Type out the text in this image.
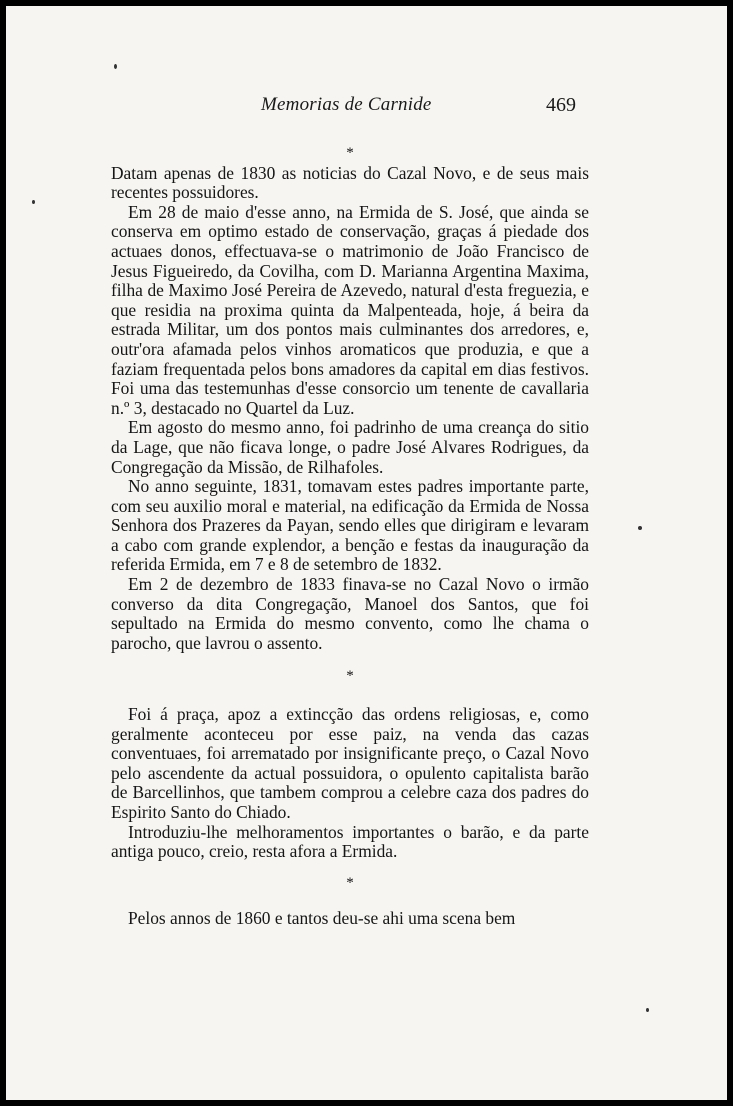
Memorias de Carnide	469
*

Datam apenas de 1830 as noticias do Cazal Novo, e de seus mais recentes possuidores.

Em 28 de maio d'esse anno, na Ermida de S. José, que ainda se conserva em optimo estado de conservação, graças á piedade dos actuaes donos, effectuava-se o matrimonio de João Francisco de Jesus Figueiredo, da Covilha, com D. Marianna Argentina Maxima, filha de Maximo José Pereira de Azevedo, natural d'esta freguezia, e que residia na proxima quinta da Malpenteada, hoje, á beira da estrada Militar, um dos pontos mais culminantes dos arredores, e, outr'ora afamada pelos vinhos aromaticos que produzia, e que a faziam frequentada pelos bons amadores da capital em dias festivos. Foi uma das testemunhas d'esse consorcio um tenente de cavallaria n.º 3, destacado no Quartel da Luz.

Em agosto do mesmo anno, foi padrinho de uma creança do sitio da Lage, que não ficava longe, o padre José Alvares Rodrigues, da Congregação da Missão, de Rilhafoles.

No anno seguinte, 1831, tomavam estes padres importante parte, com seu auxilio moral e material, na edificação da Ermida de Nossa Senhora dos Prazeres da Payan, sendo elles que dirigiram e levaram a cabo com grande explendor, a benção e festas da inauguração da referida Ermida, em 7 e 8 de setembro de 1832.

Em 2 de dezembro de 1833 finava-se no Cazal Novo o irmão converso da dita Congregação, Manoel dos Santos, que foi sepultado na Ermida do mesmo convento, como lhe chama o parocho, que lavrou o assento.

*

Foi á praça, apoz a extincção das ordens religiosas, e, como geralmente aconteceu por esse paiz, na venda das cazas conventuaes, foi arrematado por insignificante preço, o Cazal Novo pelo ascendente da actual possuidora, o opulento capitalista barão de Barcellinhos, que tambem comprou a celebre caza dos padres do Espirito Santo do Chiado.

Introduziu-lhe melhoramentos importantes o barão, e da parte antiga pouco, creio, resta afora a Ermida.

*

Pelos annos de 1860 e tantos deu-se ahi uma scena bem
